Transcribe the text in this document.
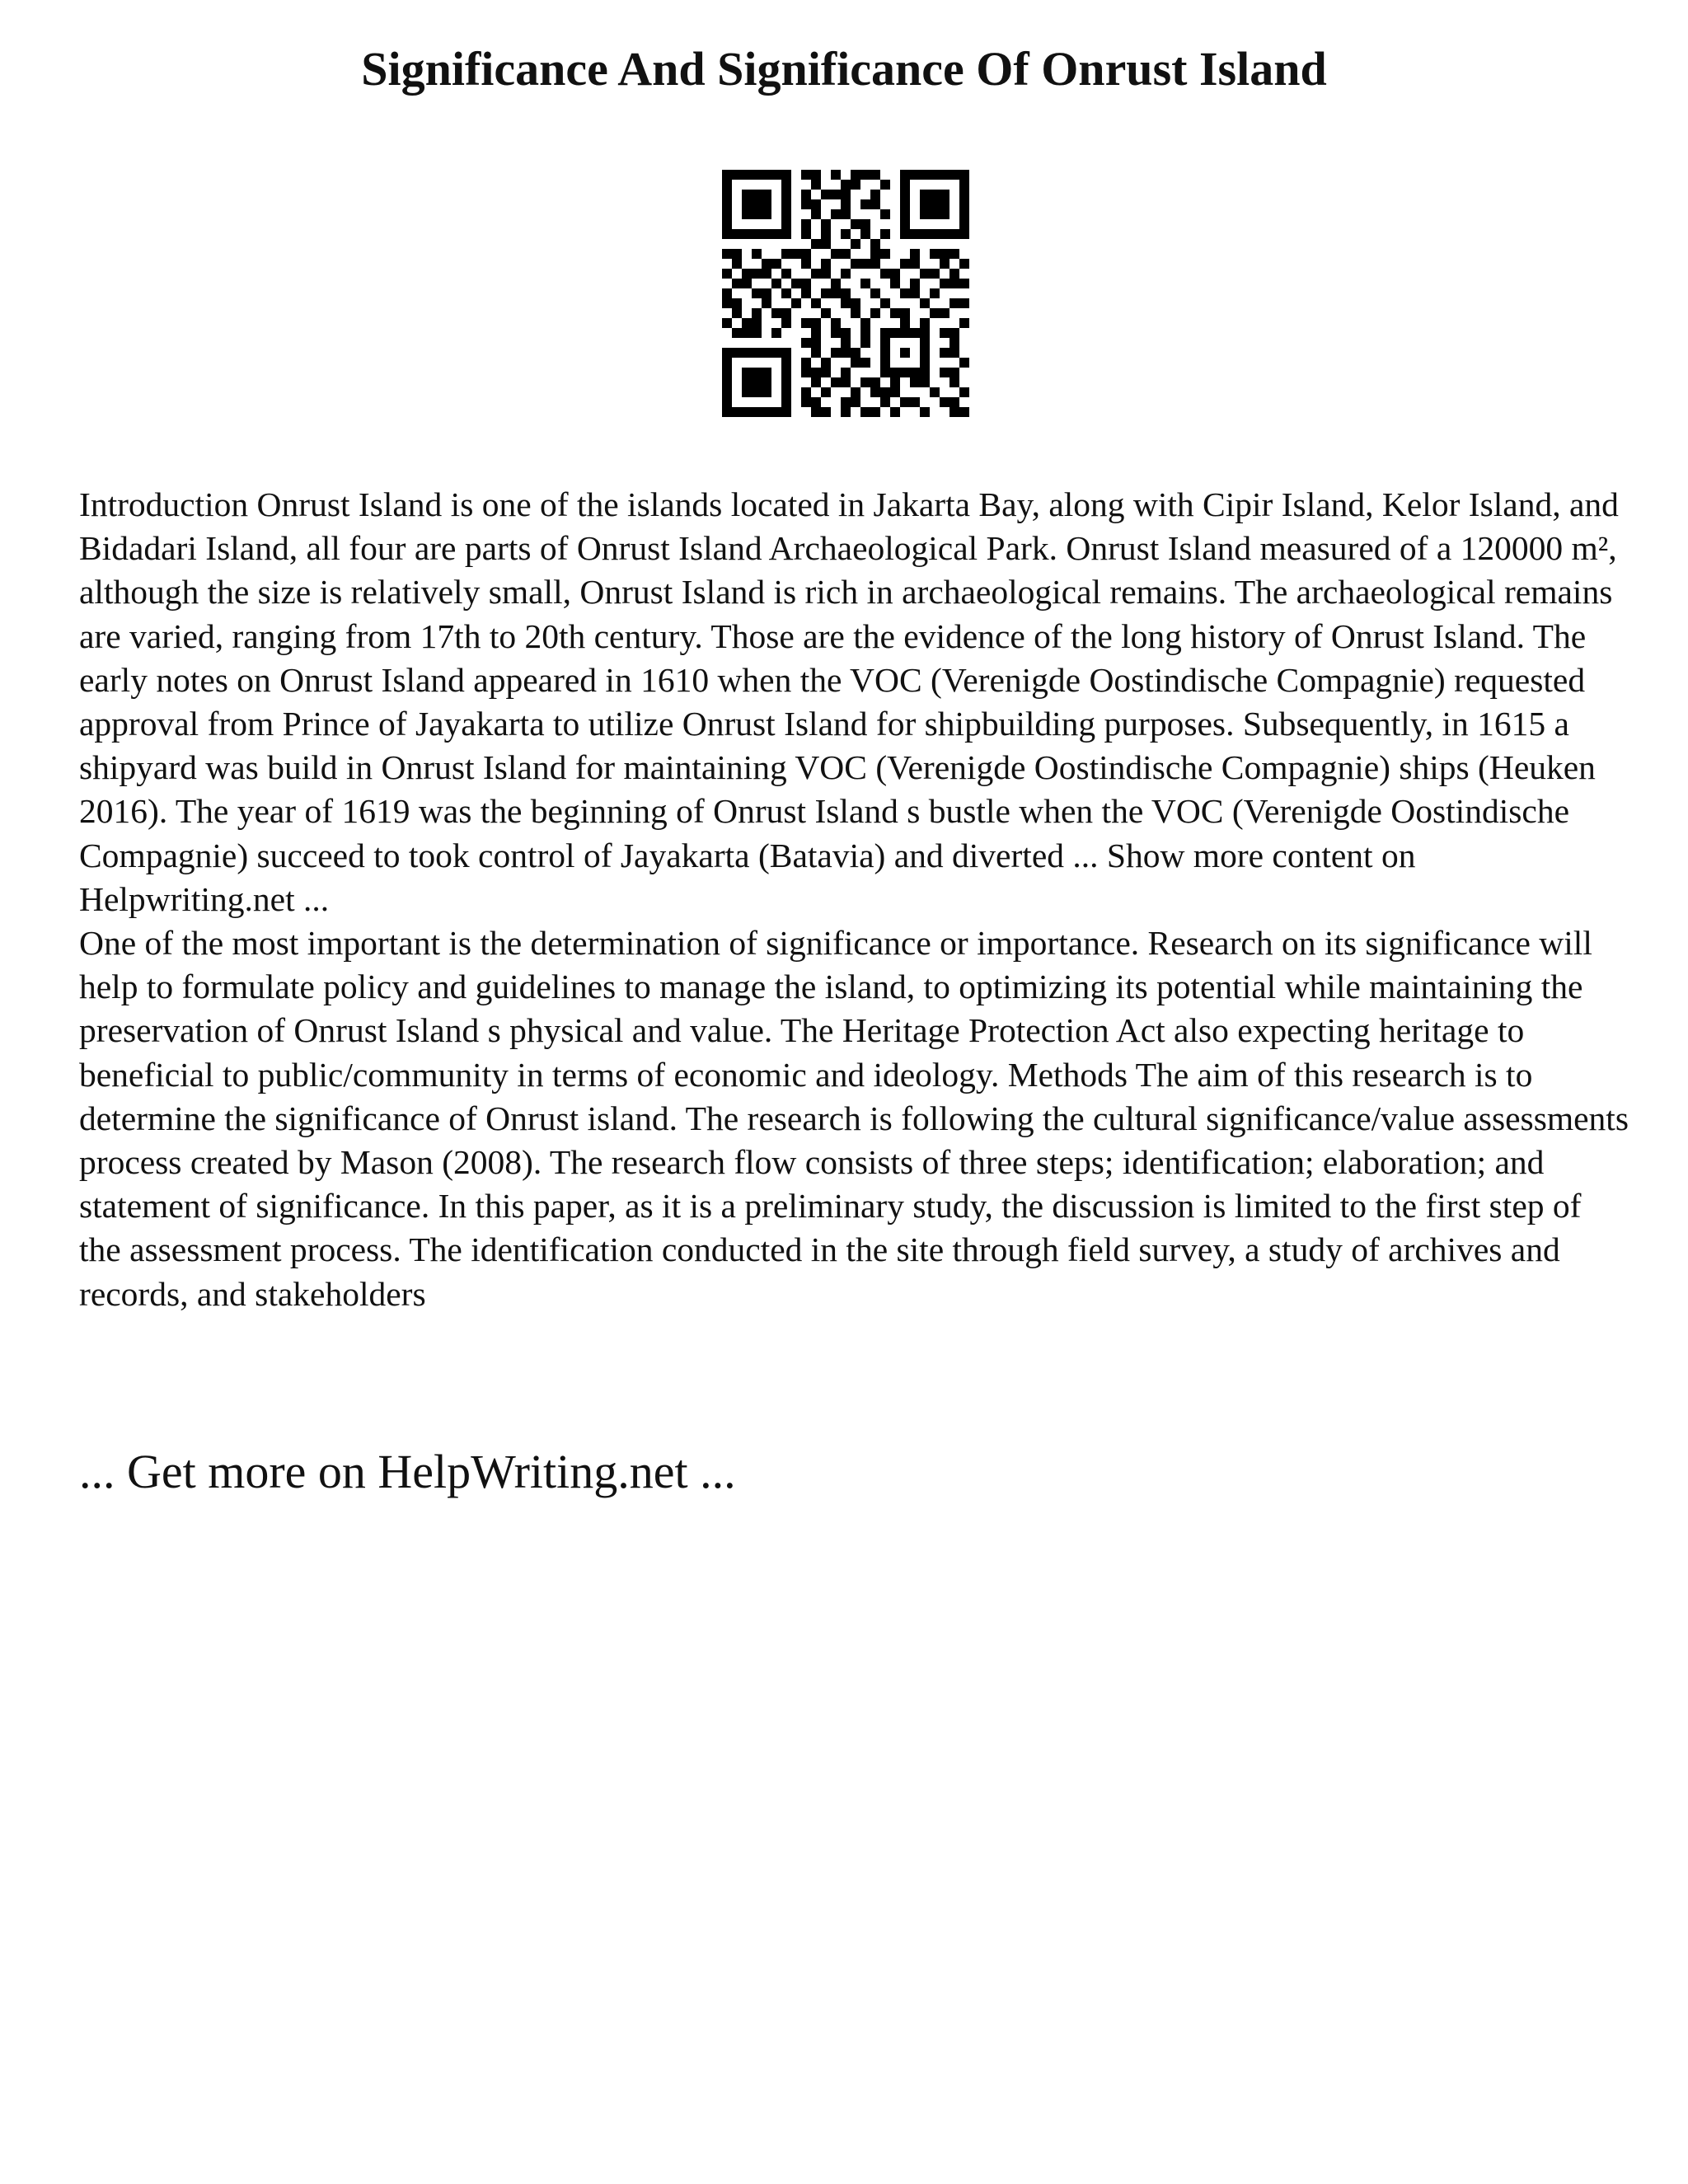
Significance And Significance Of Onrust Island

Introduction Onrust Island is one of the islands located in Jakarta Bay, along with Cipir Island, Kelor Island, and Bidadari Island, all four are parts of Onrust Island Archaeological Park. Onrust Island measured of a 120000 m², although the size is relatively small, Onrust Island is rich in archaeological remains. The archaeological remains are varied, ranging from 17th to 20th century. Those are the evidence of the long history of Onrust Island. The early notes on Onrust Island appeared in 1610 when the VOC (Verenigde Oostindische Compagnie) requested approval from Prince of Jayakarta to utilize Onrust Island for shipbuilding purposes. Subsequently, in 1615 a shipyard was build in Onrust Island for maintaining VOC (Verenigde Oostindische Compagnie) ships (Heuken 2016). The year of 1619 was the beginning of Onrust Island s bustle when the VOC (Verenigde Oostindische Compagnie) succeed to took control of Jayakarta (Batavia) and diverted ... Show more content on Helpwriting.net ...

One of the most important is the determination of significance or importance. Research on its significance will help to formulate policy and guidelines to manage the island, to optimizing its potential while maintaining the preservation of Onrust Island s physical and value. The Heritage Protection Act also expecting heritage to beneficial to public/community in terms of economic and ideology. Methods The aim of this research is to determine the significance of Onrust island. The research is following the cultural significance/value assessments process created by Mason (2008). The research flow consists of three steps; identification; elaboration; and statement of significance. In this paper, as it is a preliminary study, the discussion is limited to the first step of the assessment process. The identification conducted in the site through field survey, a study of archives and records, and stakeholders

... Get more on HelpWriting.net ...
